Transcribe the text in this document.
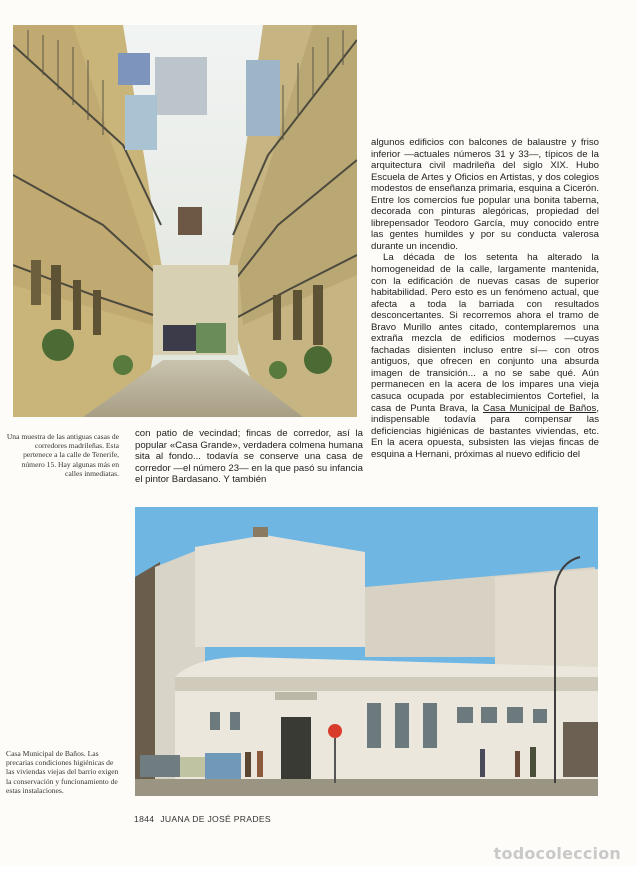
Una muestra de las antiguas casas de corredores madrileñas. Esta pertenece a la calle de Tenerife, número 15. Hay algunas más en calles inmediatas.

algunos edificios con balcones de balaustre y friso inferior —actuales números 31 y 33—, típicos de la arquitectura civil madrileña del siglo XIX. Hubo Escuela de Artes y Oficios en Artistas, y dos colegios modestos de enseñanza primaria, esquina a Cicerón. Entre los comercios fue popular una bonita taberna, decorada con pinturas alegóricas, propiedad del librepensador Teodoro García, muy conocido entre las gentes humildes y por su conducta valerosa durante un incendio.

La década de los setenta ha alterado la homogeneidad de la calle, largamente mantenida, con la edificación de nuevas casas de superior habitabilidad. Pero esto es un fenómeno actual, que afecta a toda la barriada con resultados desconcertantes. Si recorremos ahora el tramo de Bravo Murillo antes citado, contemplaremos una extraña mezcla de edificios modernos —cuyas fachadas disienten incluso entre sí— con otros antiguos, que ofrecen en conjunto una absurda imagen de transición... a no se sabe qué. Aún permanecen en la acera de los impares una vieja casuca ocupada por establecimientos Cortefiel, la casa de Punta Brava, la Casa Municipal de Baños, indispensable todavía para compensar las deficiencias higiénicas de bastantes viviendas, etc. En la acera opuesta, subsisten las viejas fincas de esquina a Hernani, próximas al nuevo edificio del

con patio de vecindad; fincas de corredor, así la popular «Casa Grande», verdadera colmena humana sita al fondo... todavía se conserve una casa de corredor —el número 23— en la que pasó su infancia el pintor Bardasano. Y también

Casa Municipal de Baños. Las precarias condiciones higiénicas de las viviendas viejas del barrio exigen la conservación y funcionamiento de estas instalaciones.
1844 JUANA DE JOSÉ PRADES
todocoleccion
